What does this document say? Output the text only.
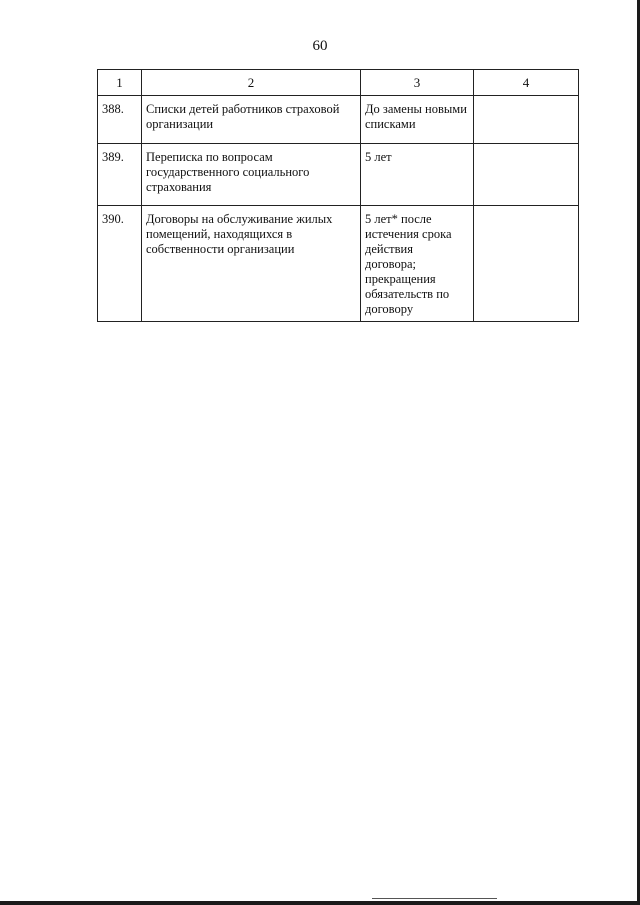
60
1	2	3	4
388.	Списки детей работников страховой организации	До замены новыми списками	
389.	Переписка по вопросам государственного социального страхования	5 лет	
390.	Договоры на обслуживание жилых помещений, находящихся в собственности организации	5 лет* после истечения срока действия договора; прекращения обязательств по договору	
